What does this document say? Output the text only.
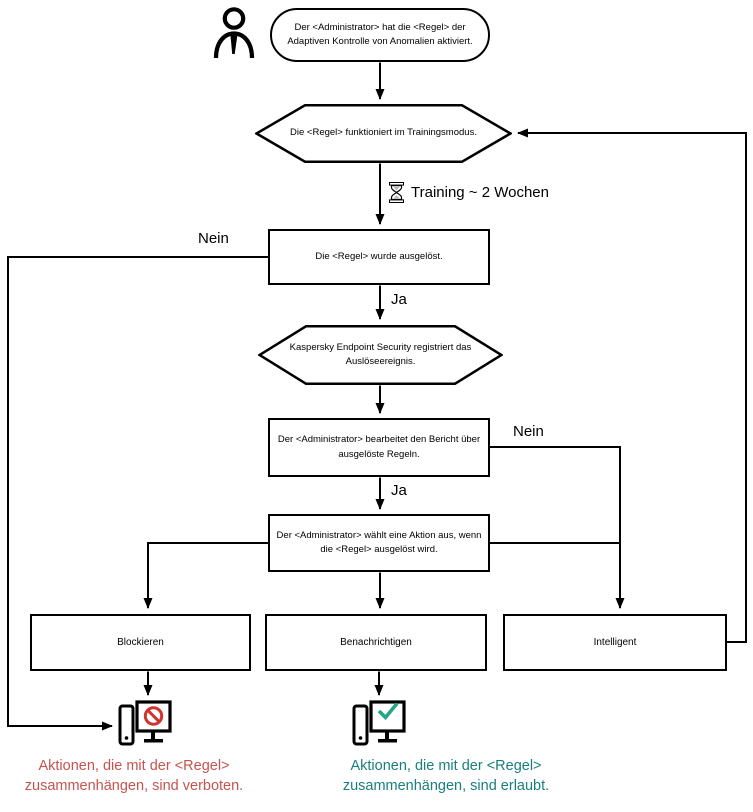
Der <Administrator> hat die <Regel> der Adaptiven Kontrolle von Anomalien aktiviert.
Die <Regel> funktioniert im Trainingsmodus.
Training ~ 2 Wochen
Die <Regel> wurde ausgelöst.
Nein
Ja
Kaspersky Endpoint Security registriert das Auslöseereignis.
Der <Administrator> bearbeitet den Bericht über ausgelöste Regeln.
Nein
Ja
Der <Administrator> wählt eine Aktion aus, wenn die <Regel> ausgelöst wird.
Blockieren	Benachrichtigen	Intelligent
Aktionen, die mit der <Regel> zusammenhängen, sind verboten.
Aktionen, die mit der <Regel> zusammenhängen, sind erlaubt.
